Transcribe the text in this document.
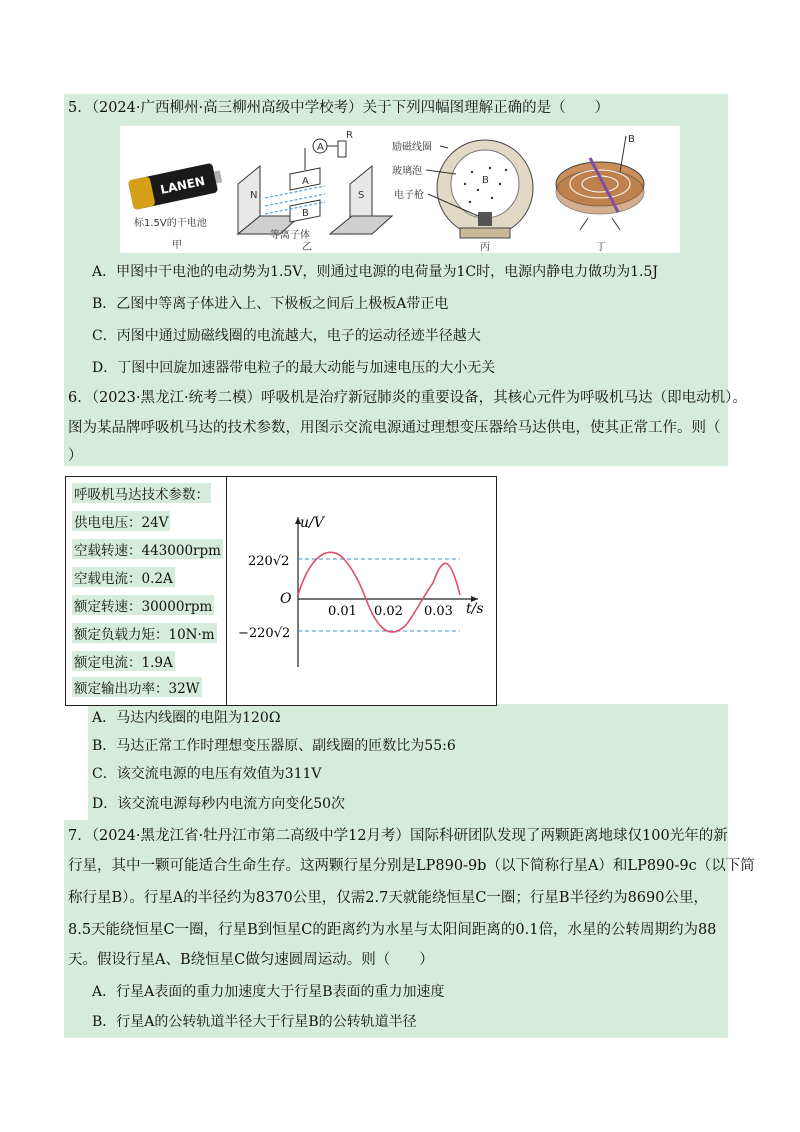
5．（2024·广西柳州·高三柳州高级中学校考）关于下列四幅图理解正确的是（　　）
LANEN
标1.5V的干电池
甲
N	S
A
B
A
R
等离子体
乙
B
励磁线圈
玻璃泡
电子枪
丙
B
丁
A．甲图中干电池的电动势为1.5V，则通过电源的电荷量为1C时，电源内静电力做功为1.5J
B．乙图中等离子体进入上、下极板之间后上极板A带正电
C．丙图中通过励磁线圈的电流越大，电子的运动径迹半径越大
D．丁图中回旋加速器带电粒子的最大动能与加速电压的大小无关
6．（2023·黑龙江·统考二模）呼吸机是治疗新冠肺炎的重要设备，其核心元件为呼吸机马达（即电动机）。
图为某品牌呼吸机马达的技术参数，用图示交流电源通过理想变压器给马达供电，使其正常工作。则（
）
呼吸机马达技术参数：
供电电压：24V
空载转速：443000rpm
空载电流：0.2A
额定转速：30000rpm
额定负载力矩：10N·m
额定电流：1.9A
额定输出功率：32W
u/V
t/s
O
220√2
−220√2
0.01 0.02 0.03
A．马达内线圈的电阻为120Ω
B．马达正常工作时理想变压器原、副线圈的匝数比为55:6
C．该交流电源的电压有效值为311V
D．该交流电源每秒内电流方向变化50次
7．（2024·黑龙江省·牡丹江市第二高级中学12月考）国际科研团队发现了两颗距离地球仅100光年的新
行星，其中一颗可能适合生命生存。这两颗行星分别是LP890-9b（以下简称行星A）和LP890-9c（以下简
称行星B）。行星A的半径约为8370公里，仅需2.7天就能绕恒星C一圈；行星B半径约为8690公里，
8.5天能绕恒星C一圈，行星B到恒星C的距离约为水星与太阳间距离的0.1倍，水星的公转周期约为88
天。假设行星A、B绕恒星C做匀速圆周运动。则（　　）
A．行星A表面的重力加速度大于行星B表面的重力加速度
B．行星A的公转轨道半径大于行星B的公转轨道半径
